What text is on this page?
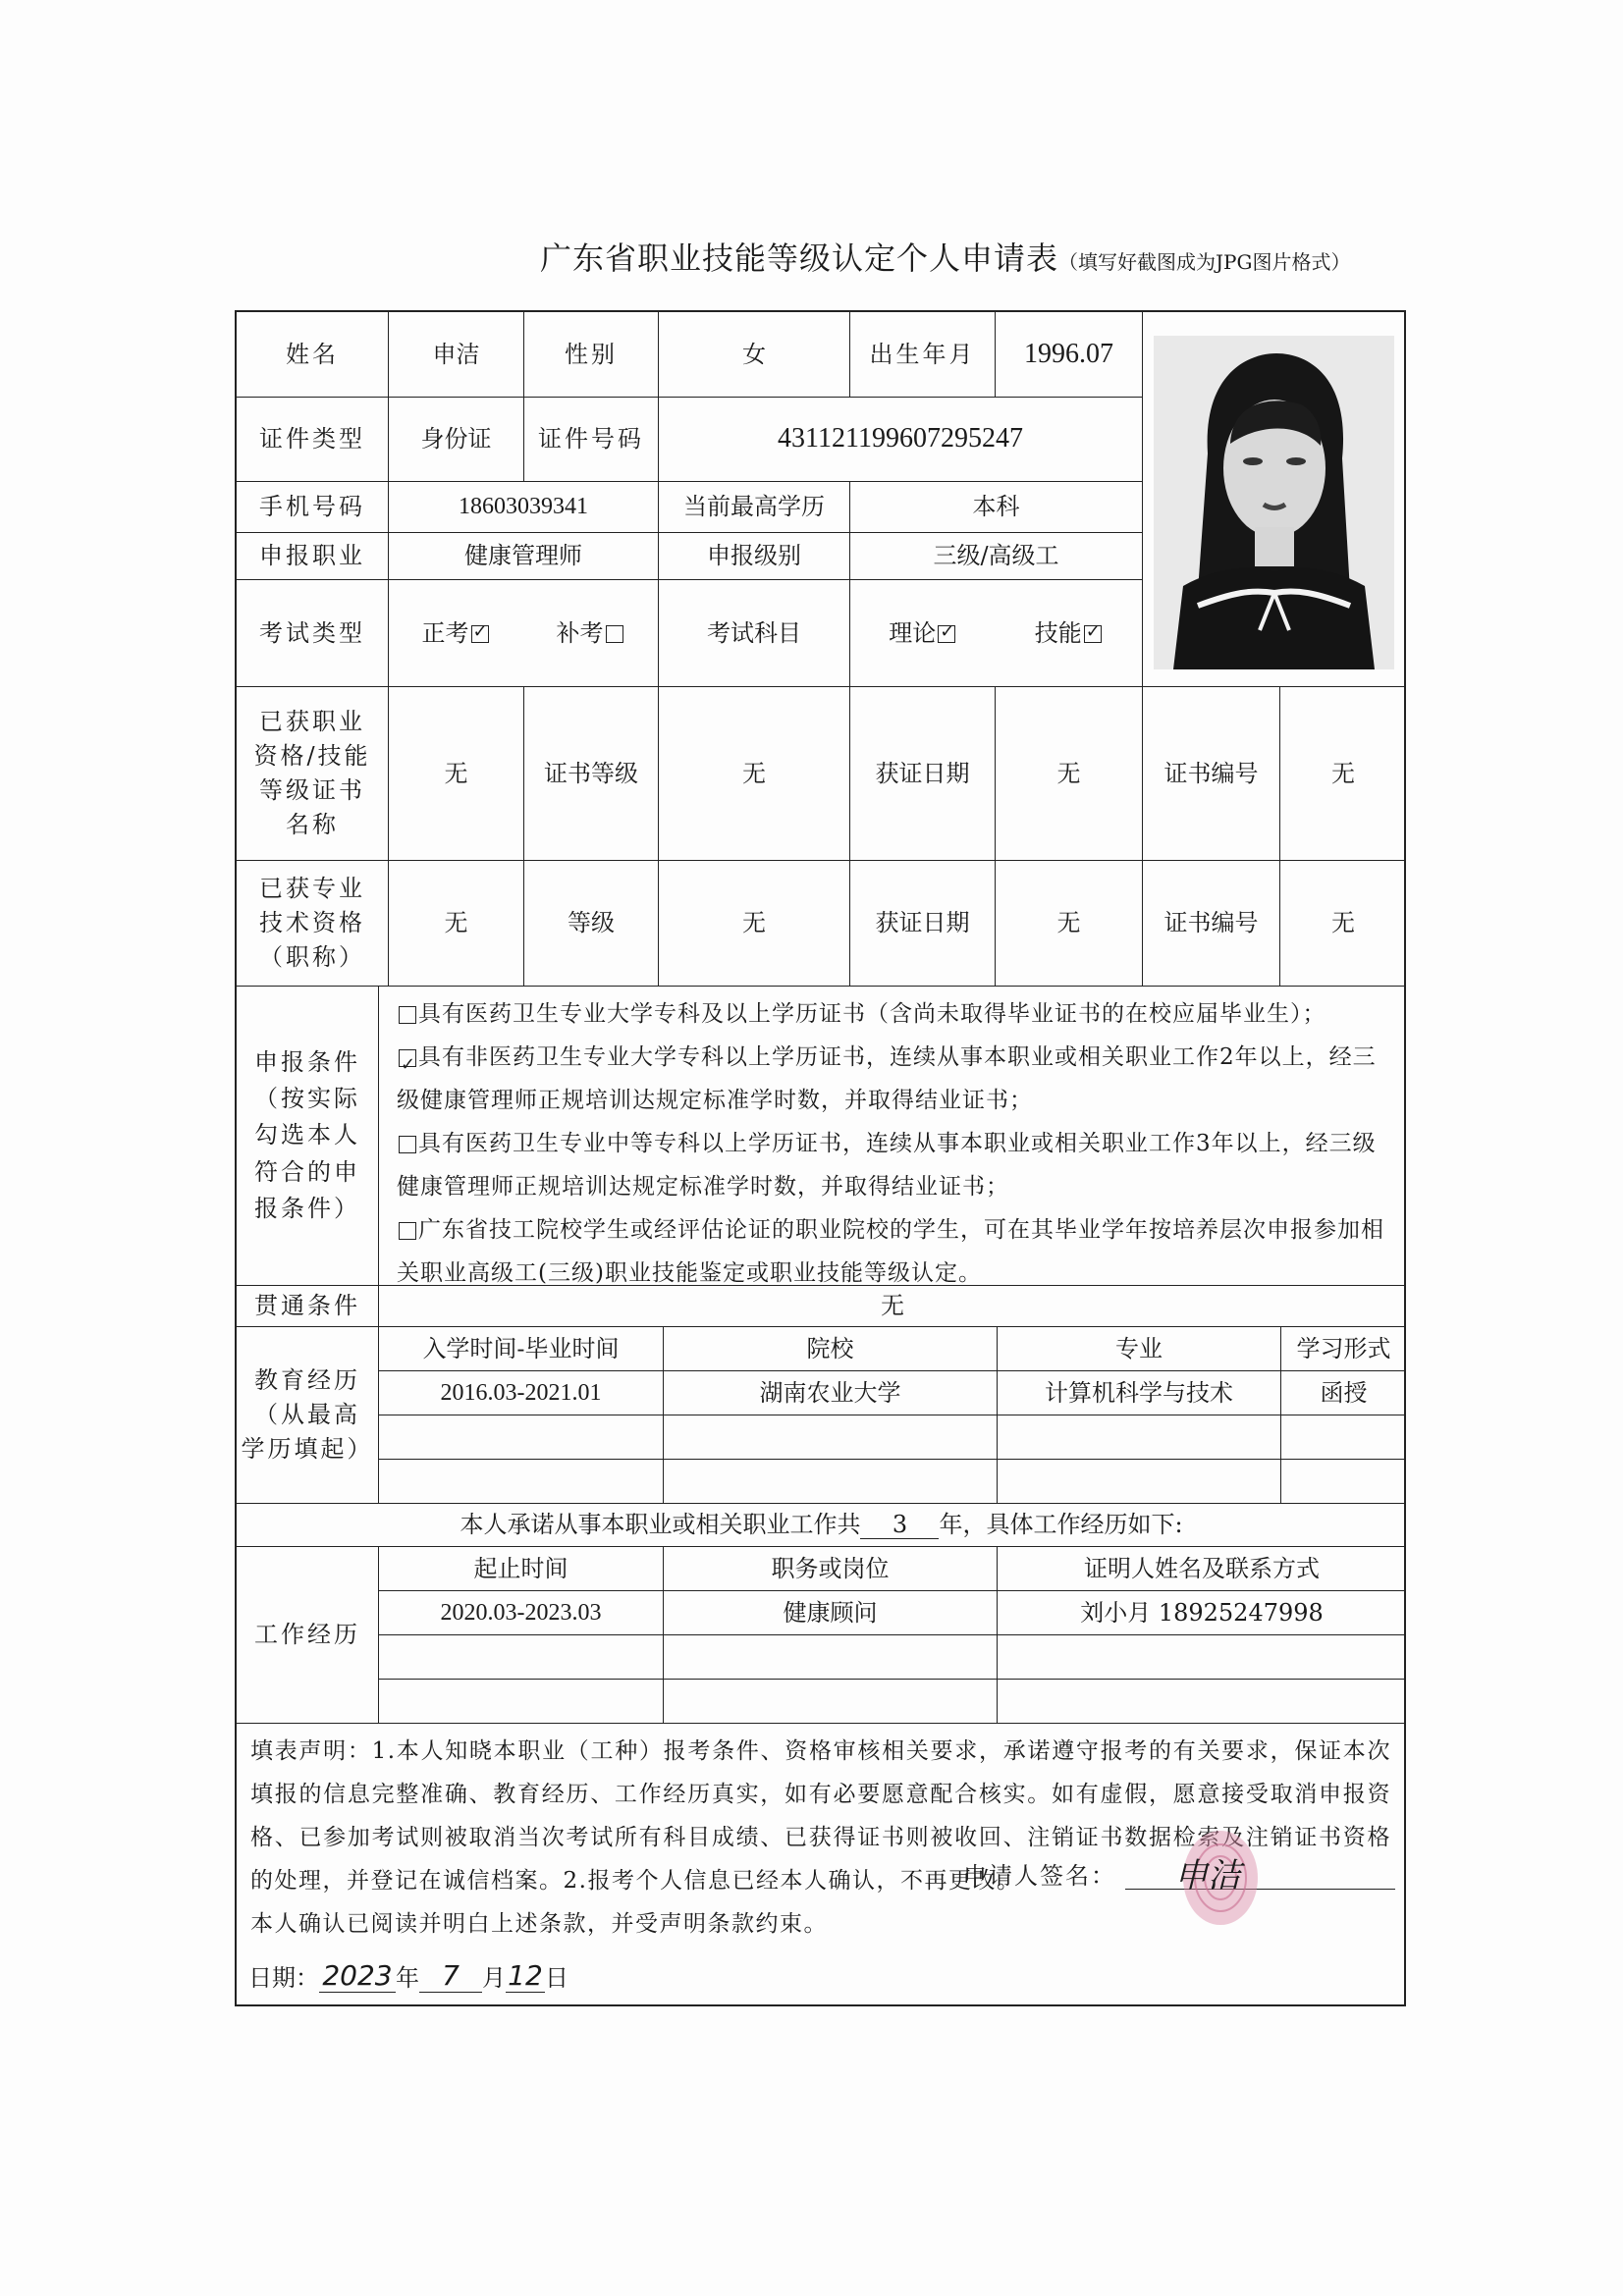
广东省职业技能等级认定个人申请表（填写好截图成为JPG图片格式）
姓名	申洁	性别	女	出生年月	1996.07
证件类型	身份证	证件号码	431121199607295247
手机号码	18603039341	当前最高学历	本科
申报职业	健康管理师	申报级别	三级/高级工
考试类型	正考 ✓	补考	考试科目	理论 ✓	技能✓
已获职业
资格/技能
等级证书
名称
无	证书等级	无	获证日期	无	证书编号	无
已获专业
技术资格
（职称）
无	等级	无	获证日期	无	证书编号	无
申报条件
（按实际
勾选本人
符合的申
报条件）
具有医药卫生专业大学专科及以上学历证书（含尚未取得毕业证书的在校应届毕业生）；
✓具有非医药卫生专业大学专科以上学历证书，连续从事本职业或相关职业工作2年以上，经三级健康管理师正规培训达规定标准学时数，并取得结业证书；
具有医药卫生专业中等专科以上学历证书，连续从事本职业或相关职业工作3年以上，经三级健康管理师正规培训达规定标准学时数，并取得结业证书；
广东省技工院校学生或经评估论证的职业院校的学生，可在其毕业学年按培养层次申报参加相关职业高级工(三级)职业技能鉴定或职业技能等级认定。
贯通条件	无
教育经历
（从最高
学历填起）
入学时间-毕业时间	院校	专业	学习形式
2016.03-2021.01	湖南农业大学	计算机科学与技术	函授
本人承诺从事本职业或相关职业工作共	3	年，具体工作经历如下:
工作经历
起止时间	职务或岗位	证明人姓名及联系方式
2020.03-2023.03	健康顾问	刘小月 18925247998
填表声明：1.本人知晓本职业（工种）报考条件、资格审核相关要求，承诺遵守报考的有关要求，保证本次填报的信息完整准确、教育经历、工作经历真实，如有必要愿意配合核实。如有虚假，愿意接受取消申报资格、已参加考试则被取消当次考试所有科目成绩、已获得证书则被收回、注销证书数据检索及注销证书资格的处理，并登记在诚信档案。2.报考个人信息已经本人确认，不再更改。
本人确认已阅读并明白上述条款，并受声明条款约束。
申请人签名： 申洁
日期： 2023 年 7 月 12 日
